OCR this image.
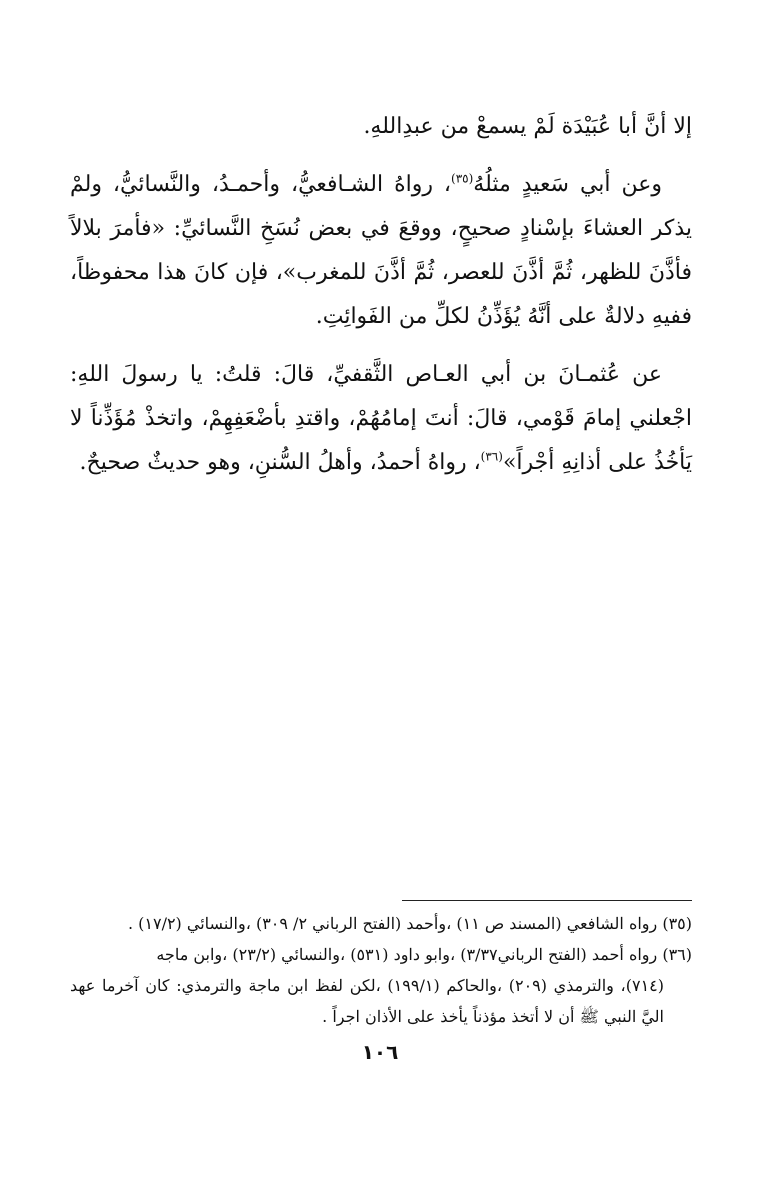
إلا أنَّ أبا عُبَيْدَة لَمْ يسمعْ من عبدِاللهِ.

وعن أبي سَعيدٍ مثلُهُ$^{(٣٥)}$، رواهُ الشـافعيُّ، وأحمـدُ، والنَّسائيُّ، ولمْ يذكر العشاءَ بإسْنادٍ صحيحٍ، ووقعَ في بعض نُسَخِ النَّسائيِّ: «فأمرَ بلالاً فأذَّنَ للظهر، ثُمَّ أذَّنَ للعصر، ثُمَّ أذَّنَ للمغرب»، فإن كانَ هذا محفوظاً، ففيهِ دلالةٌ على أنَّهُ يُؤَذِّنُ لكلِّ من الفَوائِتِ.

عن عُثمـانَ بن أبي العـاص الثَّقفيِّ، قالَ: قلتُ: يا رسولَ اللهِ: اجْعلني إمامَ قَوْمي، قالَ: أنتَ إمامُهُمْ، واقتدِ بأضْعَفِهِمْ، واتخذْ مُؤَذِّناً لا يَأخُذُ على أذانِهِ أجْراً»$^{(٣٦)}$، رواهُ أحمدُ، وأهلُ السُّننِ، وهو حديثٌ صحيحٌ.

(٣٥) رواه الشافعي (المسند ص ١١) ،وأحمد (الفتح الرباني ٢/ ٣٠٩) ،والنسائي (١٧/٢) .

(٣٦) رواه أحمد (الفتح الرباني٣/٣٧) ،وابو داود (٥٣١) ،والنسائي (٢٣/٢) ،وابن ماجه

(٧١٤)، والترمذي (٢٠٩) ،والحاكم (١٩٩/١) ،لكن لفظ ابن ماجة والترمذي: كان آخرما عهد اليَّ النبي ﷺ أن لا أتخذ مؤذناً يأخذ على الأذان اجراً .

١٠٦
